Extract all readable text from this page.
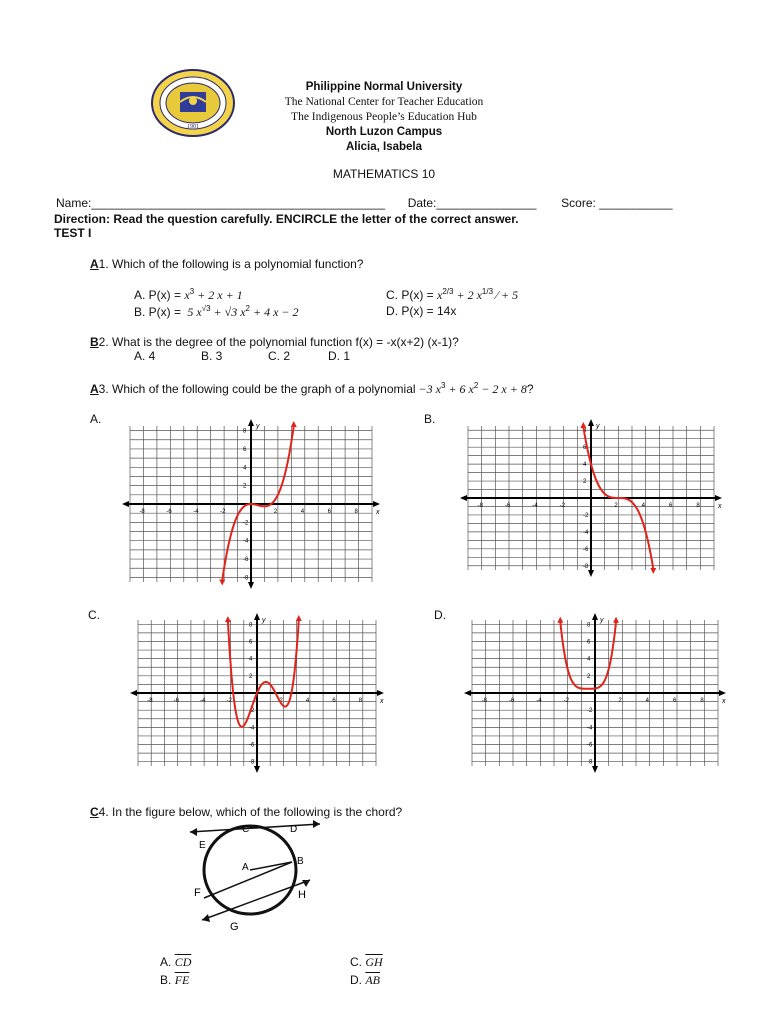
1901
Philippine Normal University
The National Center for Teacher Education
The Indigenous People’s Education Hub
North Luzon Campus
Alicia, Isabela
MATHEMATICS 10
Name:____________________________________________ Date:_______________ Score: ___________
Direction: Read the question carefully. ENCIRCLE the letter of the correct answer.
TEST I
A1. Which of the following is a polynomial function?
A. $P(x) = x^3 + 2$ x + 1
B. P(x) =  5 $x^{√3} + √3$ $x^2 + 4$ x − 2
C. $P(x) = x^{2/3} + 2$ $x^{1/3}$ ∕ + 5
D. P(x) = 14x
B2. What is the degree of the polynomial function f(x) = -x(x+2) (x-1)?
A. 4	B. 3	C. 2	D. 1
A3. Which of the following could be the graph of a polynomial −3 $x^3 + 6$ $x^2 - 2$ x + 8?
A.	B.
C.	D.
-8	-6	-4	-2	2	4	6	8
8
6
4
2
-2
-4
-6
-8
x
y
-8	-6	-4	-2	2	4	6	8
8
6
4
2
-2
-4
-6
-8
x
y
-8	-6	-4	-2	2	4	6	8
8
6
4
2
-2
-4
-6
-8
x
y
-8	-6	-4	-2	2	4	6	8
8
6
4
2
-2
-4
-6
-8
x
y
C4. In the figure below, which of the following is the chord?
C	D
E
A
B
F	H
G
A. $\overline{CD}$
B. $\overline{FE}$
C. $\overline{GH}$
D. $\overline{AB}$
